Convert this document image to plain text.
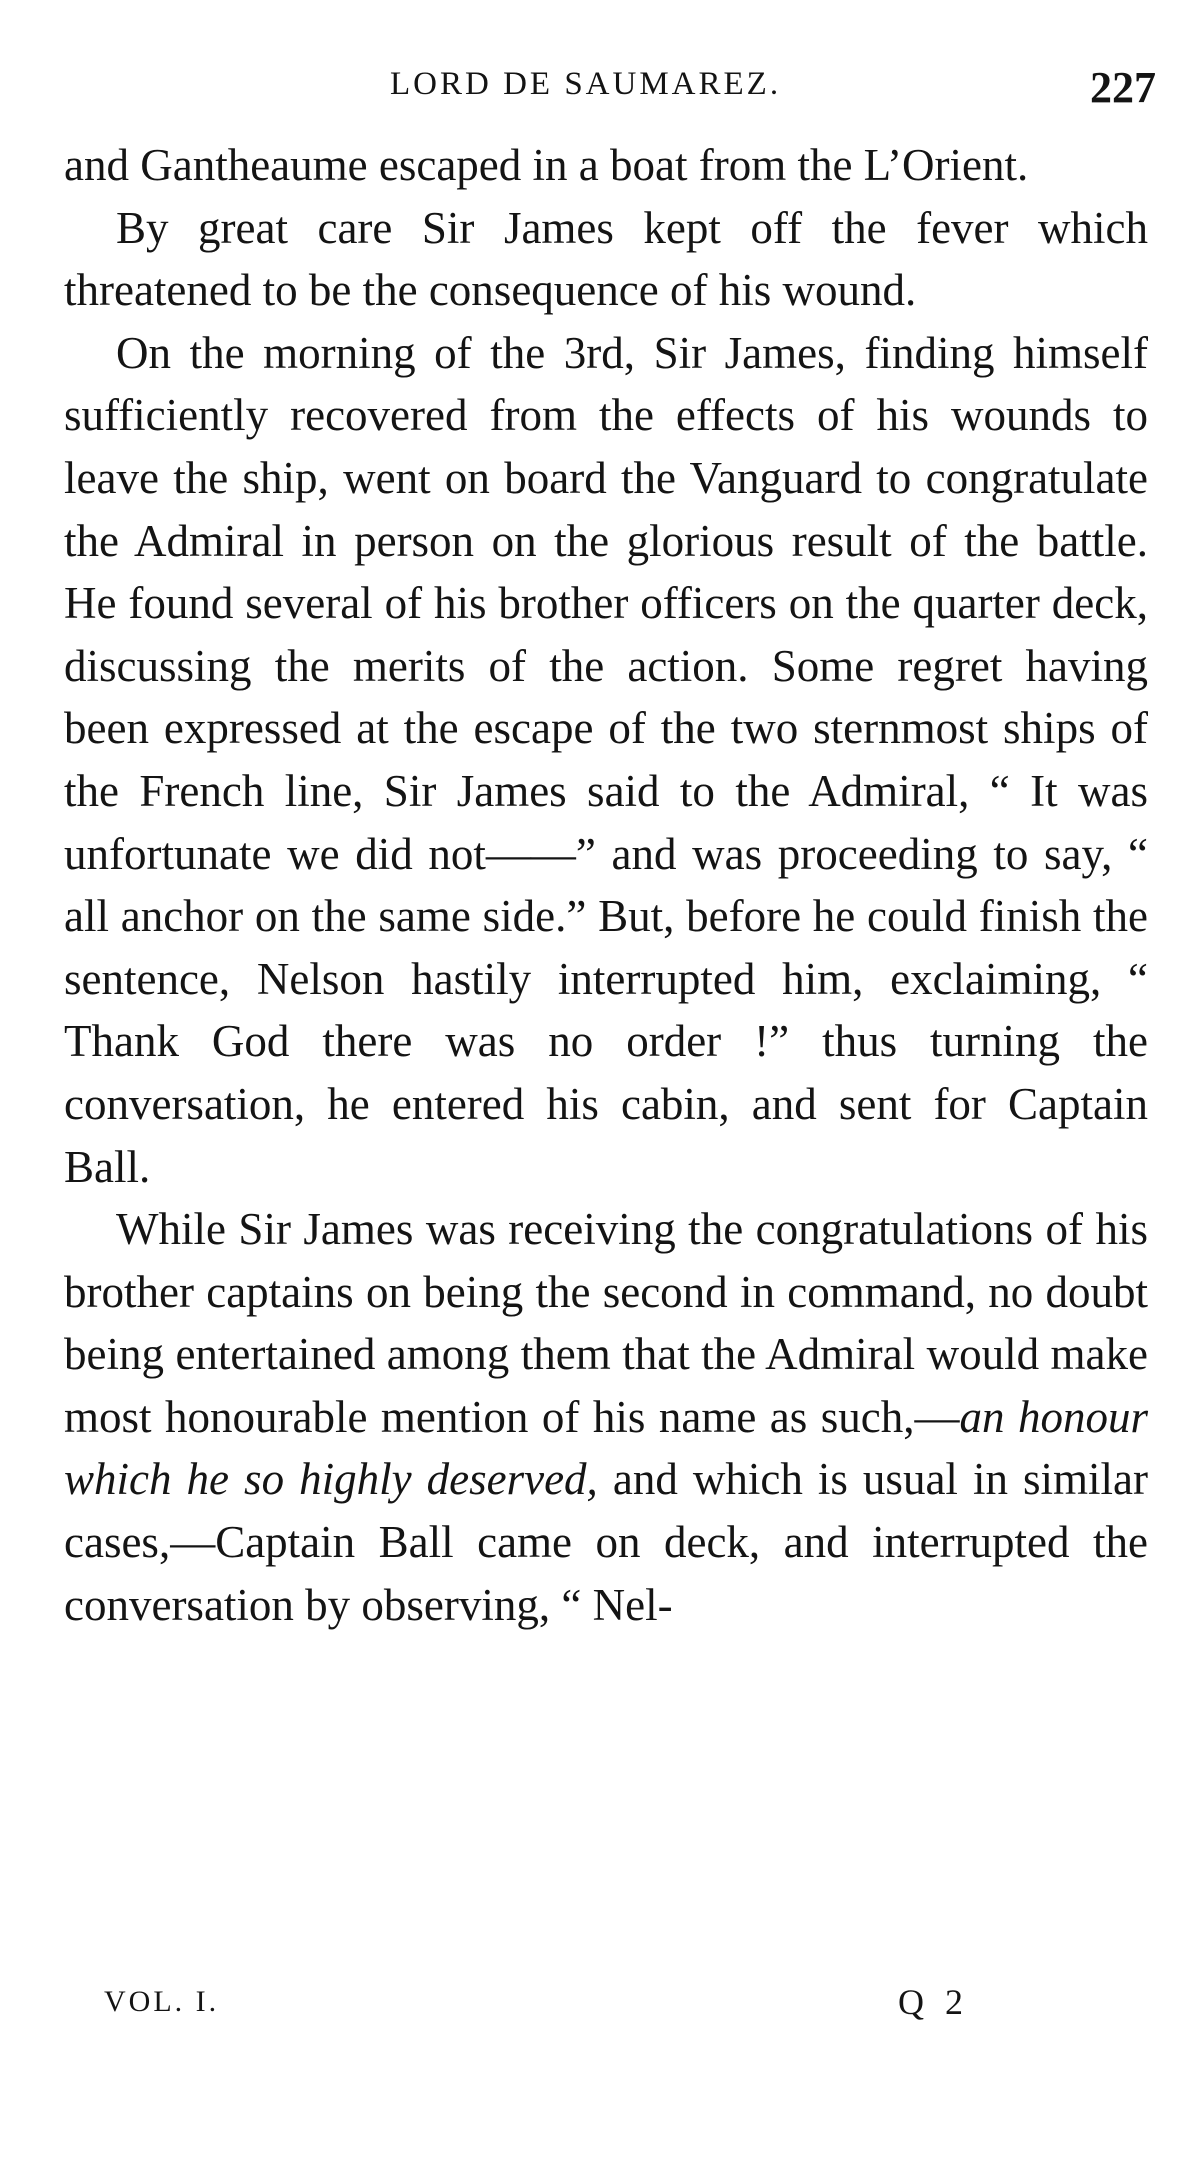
LORD DE SAUMAREZ.	227

and Gantheaume escaped in a boat from the L’Orient.

By great care Sir James kept off the fever which threatened to be the consequence of his wound.

On the morning of the 3rd, Sir James, finding himself sufficiently recovered from the effects of his wounds to leave the ship, went on board the Vanguard to congratulate the Admiral in person on the glorious result of the battle. He found several of his brother officers on the quarter deck, discussing the merits of the action. Some regret having been expressed at the escape of the two sternmost ships of the French line, Sir James said to the Admiral, “ It was unfortunate we did not——” and was proceeding to say, “ all anchor on the same side.” But, before he could finish the sentence, Nelson hastily interrupted him, exclaiming, “ Thank God there was no order !” thus turning the conversation, he entered his cabin, and sent for Captain Ball.

While Sir James was receiving the congratulations of his brother captains on being the second in command, no doubt being entertained among them that the Admiral would make most honourable mention of his name as such,—an honour which he so highly deserved, and which is usual in similar cases,—Captain Ball came on deck, and interrupted the conversation by observing, “ Nel-

VOL. I.	Q 2
